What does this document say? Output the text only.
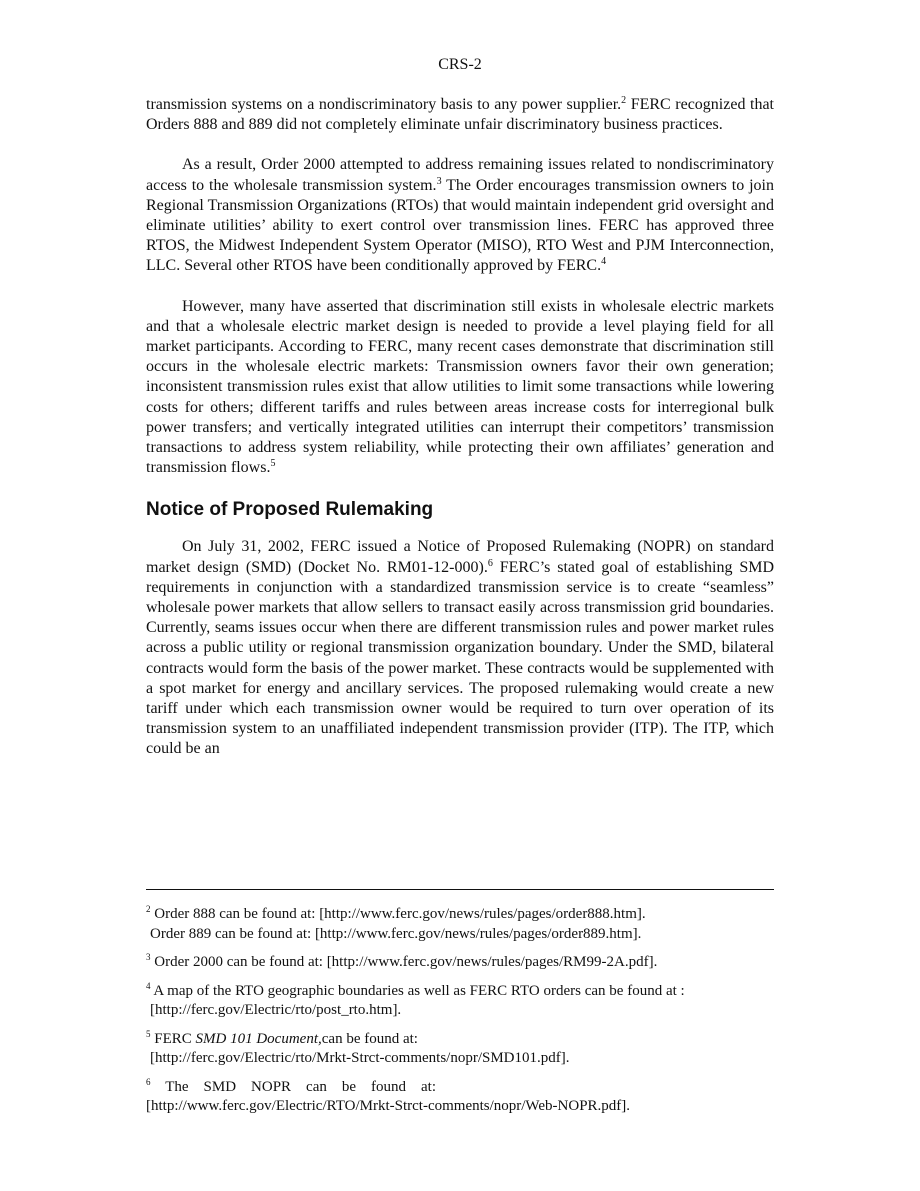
CRS-2

transmission systems on a nondiscriminatory basis to any power supplier.$^2$ FERC recognized that Orders 888 and 889 did not completely eliminate unfair discriminatory business practices.

As a result, Order 2000 attempted to address remaining issues related to nondiscriminatory access to the wholesale transmission system.$^3$ The Order encourages transmission owners to join Regional Transmission Organizations (RTOs) that would maintain independent grid oversight and eliminate utilities’ ability to exert control over transmission lines. FERC has approved three RTOS, the Midwest Independent System Operator (MISO), RTO West and PJM Interconnection, LLC. Several other RTOS have been conditionally approved by FERC.$^4$

However, many have asserted that discrimination still exists in wholesale electric markets and that a wholesale electric market design is needed to provide a level playing field for all market participants. According to FERC, many recent cases demonstrate that discrimination still occurs in the wholesale electric markets: Transmission owners favor their own generation; inconsistent transmission rules exist that allow utilities to limit some transactions while lowering costs for others; different tariffs and rules between areas increase costs for interregional bulk power transfers; and vertically integrated utilities can interrupt their competitors’ transmission transactions to address system reliability, while protecting their own affiliates’ generation and transmission flows.$^5$

Notice of Proposed Rulemaking

On July 31, 2002, FERC issued a Notice of Proposed Rulemaking (NOPR) on standard market design (SMD) (Docket No. RM01-12-000).$^6$ FERC’s stated goal of establishing SMD requirements in conjunction with a standardized transmission service is to create “seamless” wholesale power markets that allow sellers to transact easily across transmission grid boundaries. Currently, seams issues occur when there are different transmission rules and power market rules across a public utility or regional transmission organization boundary. Under the SMD, bilateral contracts would form the basis of the power market. These contracts would be supplemented with a spot market for energy and ancillary services. The proposed rulemaking would create a new tariff under which each transmission owner would be required to turn over operation of its transmission system to an unaffiliated independent transmission provider (ITP). The ITP, which could be an

$^2$ Order 888 can be found at: [http://www.ferc.gov/news/rules/pages/order888.htm].
Order 889 can be found at: [http://www.ferc.gov/news/rules/pages/order889.htm].
$^3$ Order 2000 can be found at: [http://www.ferc.gov/news/rules/pages/RM99-2A.pdf].
$^4$ A map of the RTO geographic boundaries as well as FERC RTO orders can be found at :
[http://ferc.gov/Electric/rto/post_rto.htm].
$^5$ FERC SMD 101 Document,can be found at:
[http://ferc.gov/Electric/rto/Mrkt-Strct-comments/nopr/SMD101.pdf].
$^6$ The SMD NOPR can be found at:
[http://www.ferc.gov/Electric/RTO/Mrkt-Strct-comments/nopr/Web-NOPR.pdf].
